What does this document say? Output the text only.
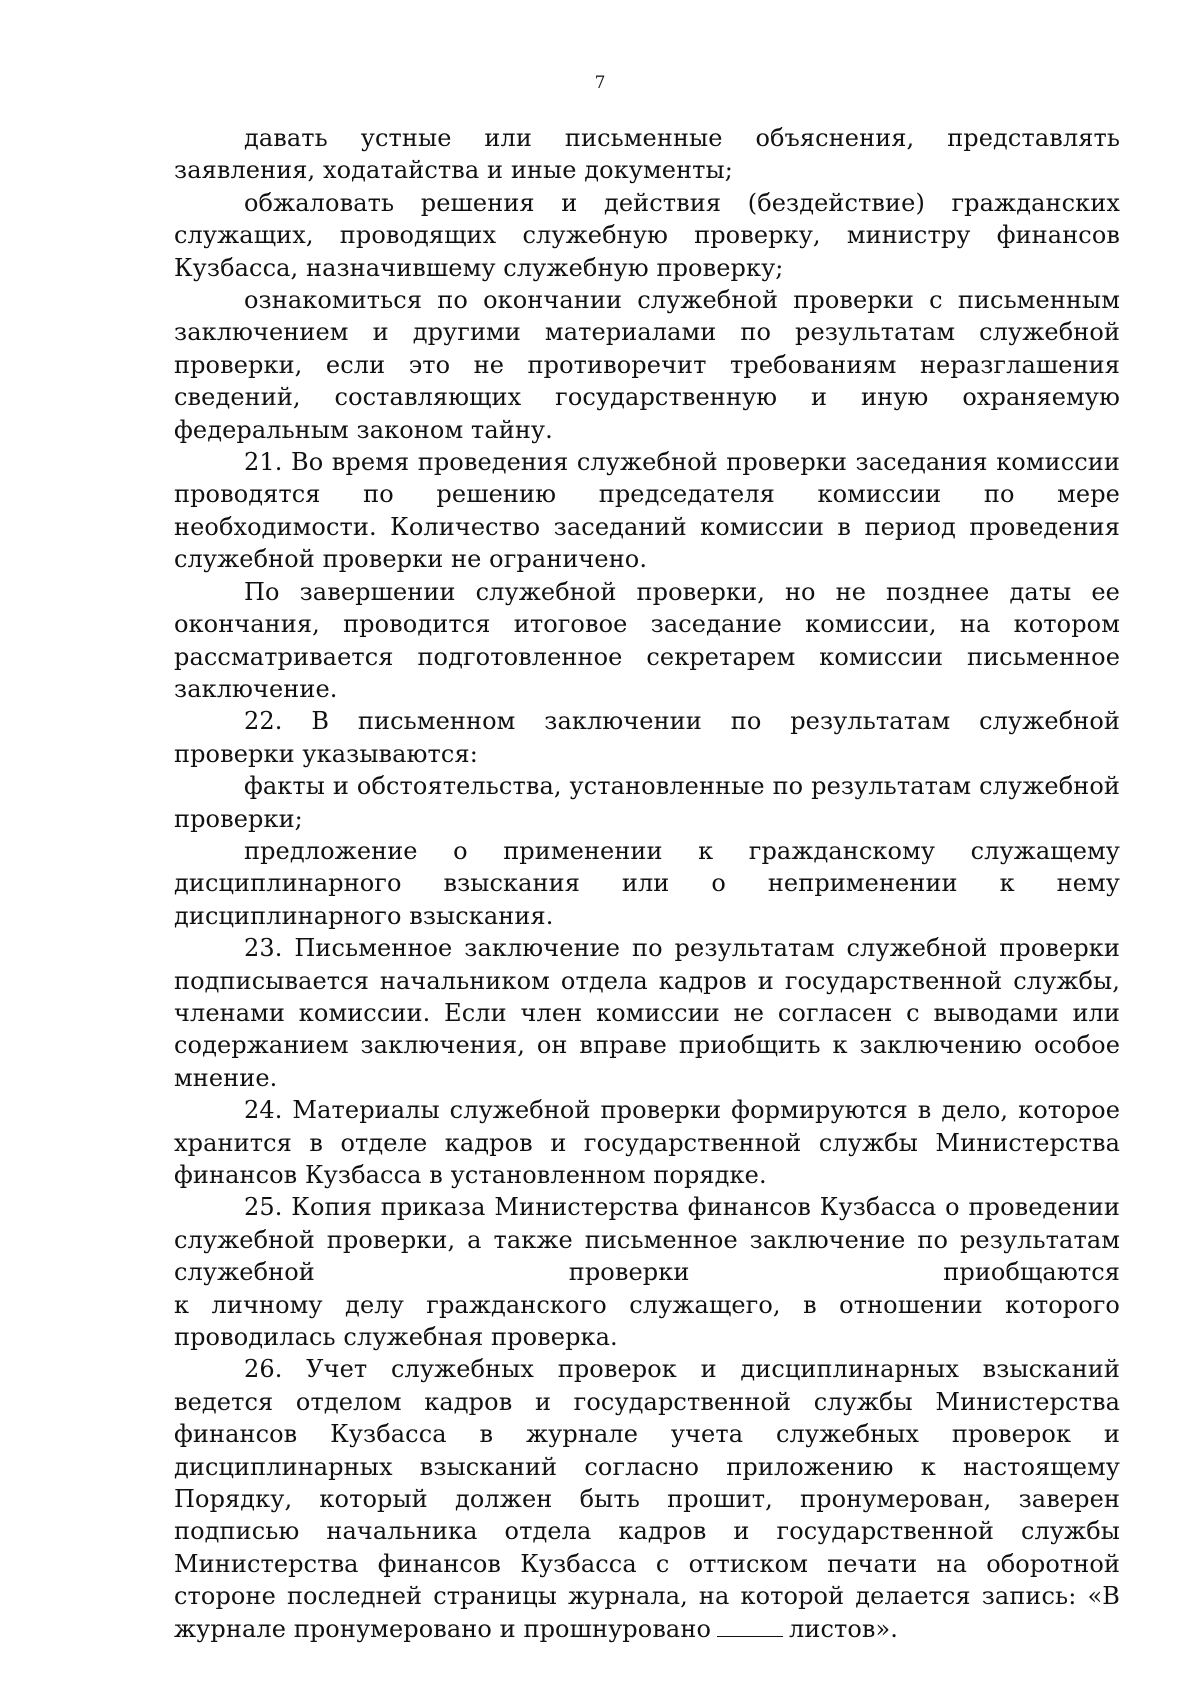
7

давать устные или письменные объяснения, представлять заявления, ходатайства и иные документы;

обжаловать решения и действия (бездействие) гражданских служащих, проводящих служебную проверку, министру финансов Кузбасса, назначившему служебную проверку;

ознакомиться по окончании служебной проверки с письменным заключением и другими материалами по результатам служебной проверки, если это не противоречит требованиям неразглашения сведений, составляющих государственную и иную охраняемую федеральным законом тайну.

21. Во время проведения служебной проверки заседания комиссии проводятся по решению председателя комиссии по мере необходимости. Количество заседаний комиссии в период проведения служебной проверки не ограничено.

По завершении служебной проверки, но не позднее даты ее окончания, проводится итоговое заседание комиссии, на котором рассматривается подготовленное секретарем комиссии письменное заключение.

22. В письменном заключении по результатам служебной проверки указываются:

факты и обстоятельства, установленные по результатам служебной проверки;

предложение о применении к гражданскому служащему дисциплинарного взыскания или о неприменении к нему дисциплинарного взыскания.

23. Письменное заключение по результатам служебной проверки подписывается начальником отдела кадров и государственной службы, членами комиссии. Если член комиссии не согласен с выводами или содержанием заключения, он вправе приобщить к заключению особое мнение.

24. Материалы служебной проверки формируются в дело, которое хранится в отделе кадров и государственной службы Министерства финансов Кузбасса в установленном порядке.

25. Копия приказа Министерства финансов Кузбасса о проведении
служебной проверки, а также письменное заключение по результатам
служебной проверки приобщаются
к личному делу гражданского служащего, в отношении которого
проводилась служебная проверка.

26. Учет служебных проверок и дисциплинарных взысканий ведется отделом кадров и государственной службы Министерства финансов Кузбасса в журнале учета служебных проверок и дисциплинарных взысканий согласно приложению к настоящему Порядку, который должен быть прошит, пронумерован, заверен подписью начальника отдела кадров и государственной службы Министерства финансов Кузбасса с оттиском печати на оборотной стороне последней страницы журнала, на которой делается запись: «В журнале пронумеровано и прошнуровано	листов».
